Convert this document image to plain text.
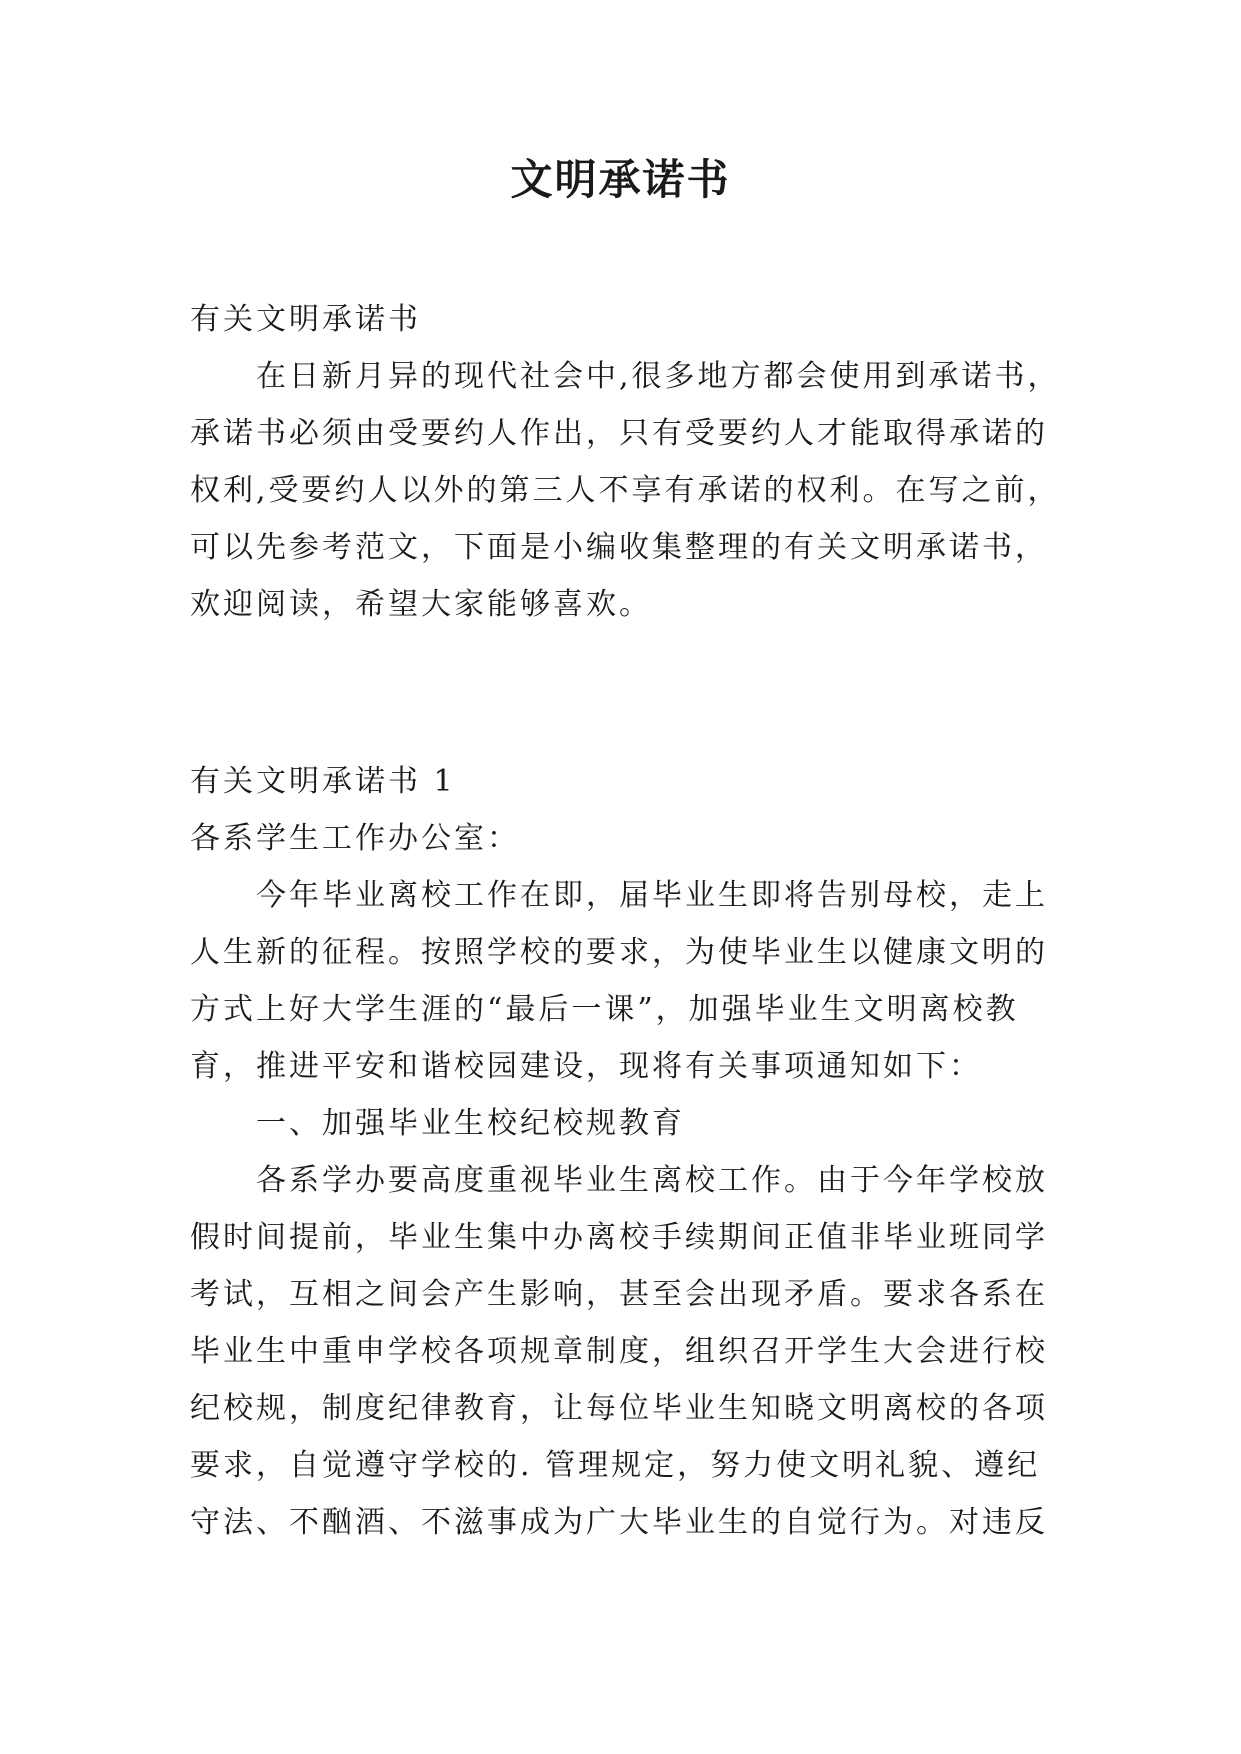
文明承诺书
有关文明承诺书
在日新月异的现代社会中,很多地方都会使用到承诺书，
承诺书必须由受要约人作出，只有受要约人才能取得承诺的
权利,受要约人以外的第三人不享有承诺的权利。在写之前，
可以先参考范文，下面是小编收集整理的有关文明承诺书，
欢迎阅读，希望大家能够喜欢。
有关文明承诺书 1
各系学生工作办公室：
今年毕业离校工作在即，届毕业生即将告别母校，走上
人生新的征程。按照学校的要求，为使毕业生以健康文明的
方式上好大学生涯的“最后一课”，加强毕业生文明离校教
育，推进平安和谐校园建设，现将有关事项通知如下：
一、加强毕业生校纪校规教育
各系学办要高度重视毕业生离校工作。由于今年学校放
假时间提前，毕业生集中办离校手续期间正值非毕业班同学
考试，互相之间会产生影响，甚至会出现矛盾。要求各系在
毕业生中重申学校各项规章制度，组织召开学生大会进行校
纪校规，制度纪律教育，让每位毕业生知晓文明离校的各项
要求，自觉遵守学校的. 管理规定，努力使文明礼貌、遵纪
守法、不酗酒、不滋事成为广大毕业生的自觉行为。对违反
